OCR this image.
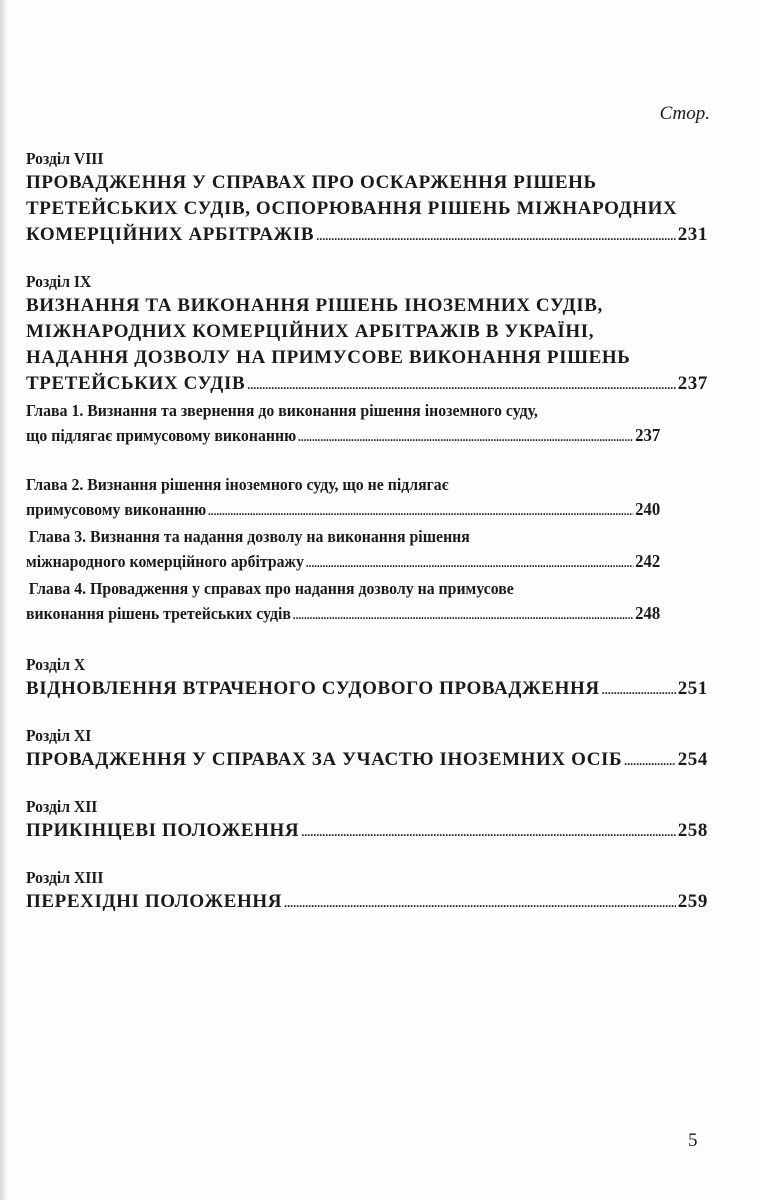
Стор.
Розділ VIII
ПРОВАДЖЕННЯ У СПРАВАХ ПРО ОСКАРЖЕННЯ РІШЕНЬ
ТРЕТЕЙСЬКИХ СУДІВ, ОСПОРЮВАННЯ РІШЕНЬ МІЖНАРОДНИХ
КОМЕРЦІЙНИХ АРБІТРАЖІВ .....	231
Розділ IX
ВИЗНАННЯ ТА ВИКОНАННЯ РІШЕНЬ ІНОЗЕМНИХ СУДІВ,
МІЖНАРОДНИХ КОМЕРЦІЙНИХ АРБІТРАЖІВ В УКРАЇНІ,
НАДАННЯ ДОЗВОЛУ НА ПРИМУСОВЕ ВИКОНАННЯ РІШЕНЬ
ТРЕТЕЙСЬКИХ СУДІВ .....	237
Глава 1. Визнання та звернення до виконання рішення іноземного суду,
що підлягає примусовому виконанню .....	237
Глава 2. Визнання рішення іноземного суду, що не підлягає
примусовому виконанню .....	240
Глава 3. Визнання та надання дозволу на виконання рішення
міжнародного комерційного арбітражу .....	242
Глава 4. Провадження у справах про надання дозволу на примусове
виконання рішень третейських судів .....	248
Розділ X
ВІДНОВЛЕННЯ ВТРАЧЕНОГО СУДОВОГО ПРОВАДЖЕННЯ .....	251
Розділ XI
ПРОВАДЖЕННЯ У СПРАВАХ ЗА УЧАСТЮ ІНОЗЕМНИХ ОСІБ .....	254
Розділ XII
ПРИКІНЦЕВІ ПОЛОЖЕННЯ .....	258
Розділ XIII
ПЕРЕХІДНІ ПОЛОЖЕННЯ .....	259
5
